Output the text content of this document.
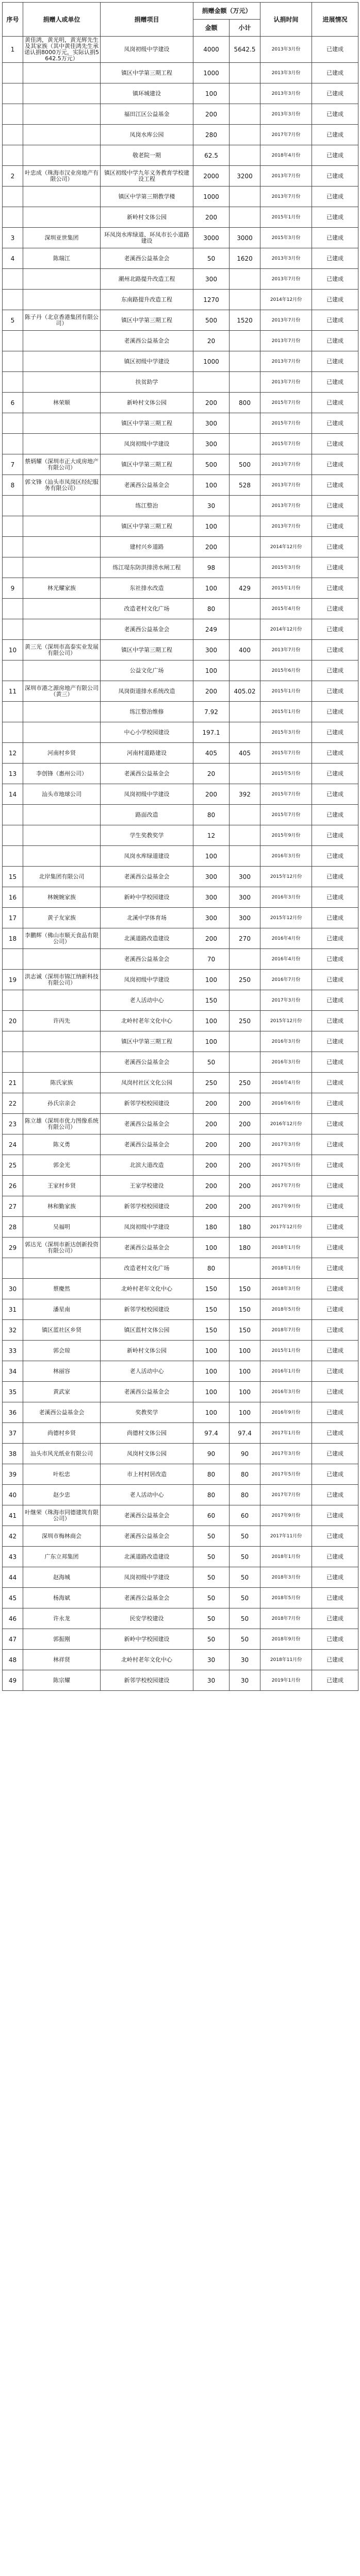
序号	捐赠人或单位	捐赠项目	捐赠金额（万元）		认捐时间	进展情况
			金额	小计		
1	黄佳鸿，黄光明，黄光辉先生及其家族（其中黄佳鸿先生承诺认捐8000万元，实际认捐5642.5万元）	凤岗初级中学建设	4000	5642.5	2013年3月份	已建成
		镇区中学第三期工程	1000		2013年3月份	已建成
		镇环城建设	100		2013年3月份	已建成
		福田江区公益基金	200		2013年3月份	已建成
		凤岗水库公园	280		2017年7月份	已建成
		敬老院一期	62.5		2018年4月份	已建成
2	叶忠成（珠海市汉业房地产有限公司）	镇区初级中学九年义务教育学校建设工程	2000	3200	2013年7月份	已建成
		镇区中学第三期教学楼	1000		2013年7月份	已建成
		新岭村文体公园	200		2015年1月份	已建成
3	深圳亚世集团	环凤岗水库绿道、环凤市长小道路建设	3000	3000	2015年3月份	已建成
4	陈瑞江	老溪西公益基金会	50	1620	2013年3月份	已建成
		潮州北路提升改造工程	300		2013年7月份	已建成
		东南路提升改造工程	1270		2014年12月份	已建成
5	陈子丹（北京香港集团有限公司）	镇区中学第三期工程	500	1520	2013年7月份	已建成
		老溪西公益基金会	20		2013年7月份	已建成
		镇区初级中学建设	1000		2013年7月份	已建成
		扶贫助学			2013年7月份	已建成
6	林荣顺	新岭村文体公园	200	800	2015年7月份	已建成
		镇区中学第三期工程	300		2015年7月份	已建成
		凤岗初级中学建设	300		2015年7月份	已建成
7	蔡炳耀（深圳市正大成房地产有限公司）	镇区中学第三期工程	500	500	2013年7月份	已建成
8	郭文锋（汕头市凤岗区经纪服务有限公司）	老溪西公益基金会	100	528	2013年7月份	已建成
		练江整治	30		2013年7月份	已建成
		镇区中学第三期工程	100		2013年7月份	已建成
		建村兴乡道路	200		2014年12月份	已建成
		练江堤东防洪排涝水闸工程	98		2015年3月份	已建成
9	林光耀家族	东社排水改造	100	429	2015年1月份	已建成
		改造老村文化广场	80		2015年4月份	已建成
		老溪西公益基金会	249		2014年12月份	已建成
10	黄三光（深圳市高泰实业发展有限公司）	镇区中学第三期工程	300	400	2013年7月份	已建成
		公益文化广场	100		2015年6月份	已建成
11	深圳市港之源房地产有限公司（黄三）	凤岗街道排水系统改造	200	405.02	2015年1月份	已建成
		练江整治维修	7.92		2015年1月份	已建成
		中心小学校园建设	197.1		2015年3月份	已建成
12	河南村乡贤	河南村道路建设	405	405	2015年7月份	已建成
13	李创锋（惠州公司）	老溪西公益基金会	20		2015年5月份	已建成
14	汕头市地球公司	凤岗初级中学建设	200	392	2015年7月份	已建成
		路面改造	80		2015年7月份	已建成
		学生奖教奖学	12		2015年9月份	已建成
		凤岗水库绿道建设	100		2016年3月份	已建成
15	北岸集团有限公司	老溪西公益基金会	300	300	2015年12月份	已建成
16	林婉婉家族	新岭中学校园建设	300	300	2016年3月份	已建成
17	黄子友家族	北溪中学体育场	300	300	2015年12月份	已建成
18	李鹏辉（佛山市顺天食品有限公司）	北溪道路改造建设	200	270	2016年4月份	已建成
		老溪西公益基金会	70		2016年4月份	已建成
19	洪志诚（深圳市锦江纳新科技有限公司）	凤岗初级中学建设	100	250	2016年7月份	已建成
		老人活动中心	150		2017年3月份	已建成
20	许丙先	北岭村老年文化中心	100	250	2015年12月份	已建成
		镇区中学第三期工程	100		2016年3月份	已建成
		老溪西公益基金会	50		2016年3月份	已建成
21	陈氏家族	凤岗村社区文化公园	250	250	2016年4月份	已建成
22	孙氏宗亲会	新邻学校校园建设	200	200	2016年6月份	已建成
23	陈立雄（深圳市优力图像系统有限公司）	老溪西公益基金会	200	200	2016年12月份	已建成
24	陈义勇	老溪西公益基金会	200	200	2017年3月份	已建成
25	郭金光	北滨大道改造	200	200	2017年5月份	已建成
26	王家村乡贤	王家学校建设	200	200	2017年7月份	已建成
27	林和勤家族	新邻学校校园建设	200	200	2017年9月份	已建成
28	吴福明	凤岗初级中学建设	180	180	2017年12月份	已建成
29	郭达光（深圳市新达创新投资有限公司）	老溪西公益基金会	100	180	2018年1月份	已建成
		改造老村文化广场	80		2018年1月份	已建成
30	蔡慶然	北岭村老年文化中心	150	150	2018年3月份	已建成
31	潘星南	新邻学校校园建设	150	150	2018年5月份	已建成
32	镇区蓝社区乡贤	镇区蓝村文体公园	150	150	2018年7月份	已建成
33	郭会琼	新岭村文体公园	100	100	2015年1月份	已建成
34	林丽容	老人活动中心	100	100	2016年1月份	已建成
35	黄武家	老溪西公益基金会	100	100	2016年3月份	已建成
36	老溪西公益基金会	奖教奖学	100	100	2016年9月份	已建成
37	尚德村乡贤	尚德村文体公园	97.4	97.4	2017年1月份	已建成
38	汕头市风光纸业有限公司	凤岗村文体公园	90	90	2017年3月份	已建成
39	叶松忠	市上村村居改造	80	80	2017年5月份	已建成
40	赵少忠	老人活动中心	80	80	2017年7月份	已建成
41	叶继荣（珠海市同德建筑有限公司）	老溪西公益基金会	60	60	2017年9月份	已建成
42	深圳市梅林商会	老溪西公益基金会	50	50	2017年11月份	已建成
43	广东立邦集团	北溪道路改造建设	50	50	2018年1月份	已建成
44	赵海城	凤岗初级中学建设	50	50	2018年3月份	已建成
45	杨海斌	老溪西公益基金会	50	50	2018年5月份	已建成
46	许永龙	民安学校建设	50	50	2018年7月份	已建成
47	郭振刚	新岭中学校园建设	50	50	2018年9月份	已建成
48	林祥贤	北岭村老年文化中心	30	30	2018年11月份	已建成
49	陈宗耀	新邻学校校园建设	30	30	2019年1月份	已建成
